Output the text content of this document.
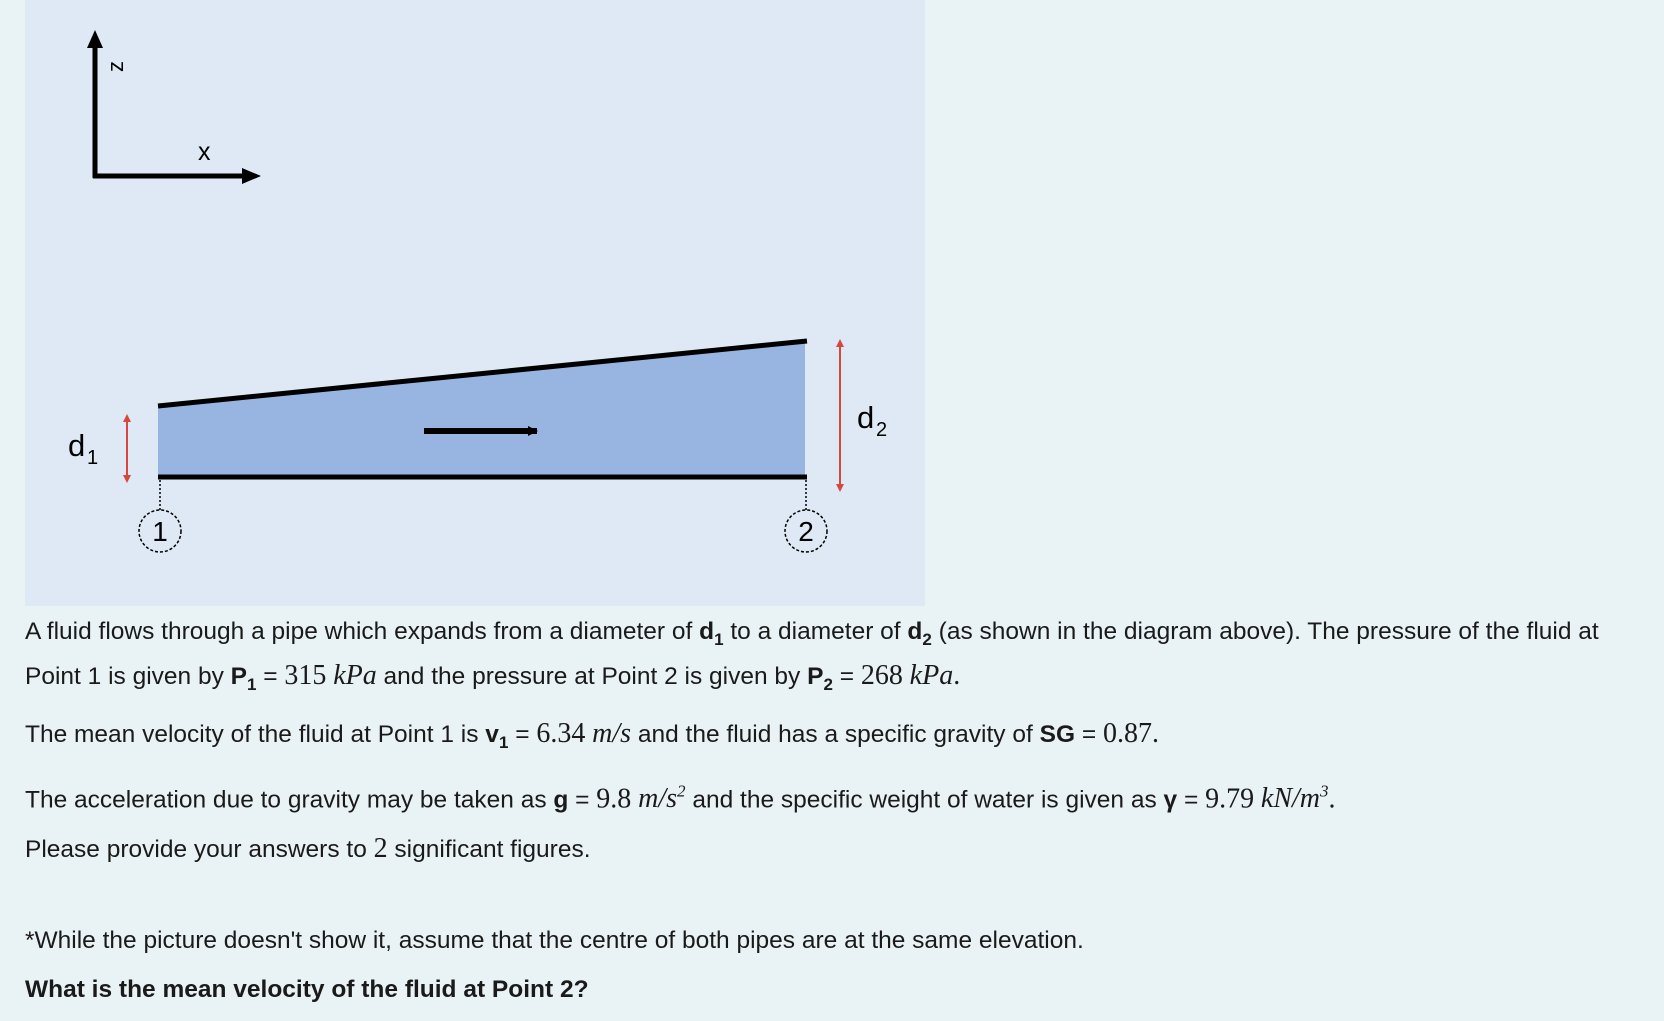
z
x
d 1
d 2
1	2

A fluid flows through a pipe which expands from a diameter of $d_1$ to a diameter of $d_2$ (as shown in the diagram above). The pressure of the fluid at Point 1 is given by $P_1 = 315$ kPa and the pressure at Point 2 is given by $P_2 = 268$ kPa.

The mean velocity of the fluid at Point 1 is $v_1 = 6.34$ m/s and the fluid has a specific gravity of SG = 0.87.

The acceleration due to gravity may be taken as g = 9.8 $m/s^2$ and the specific weight of water is given as γ = 9.79 $kN/m^3$.

Please provide your answers to 2 significant figures.

*While the picture doesn't show it, assume that the centre of both pipes are at the same elevation.

What is the mean velocity of the fluid at Point 2?
